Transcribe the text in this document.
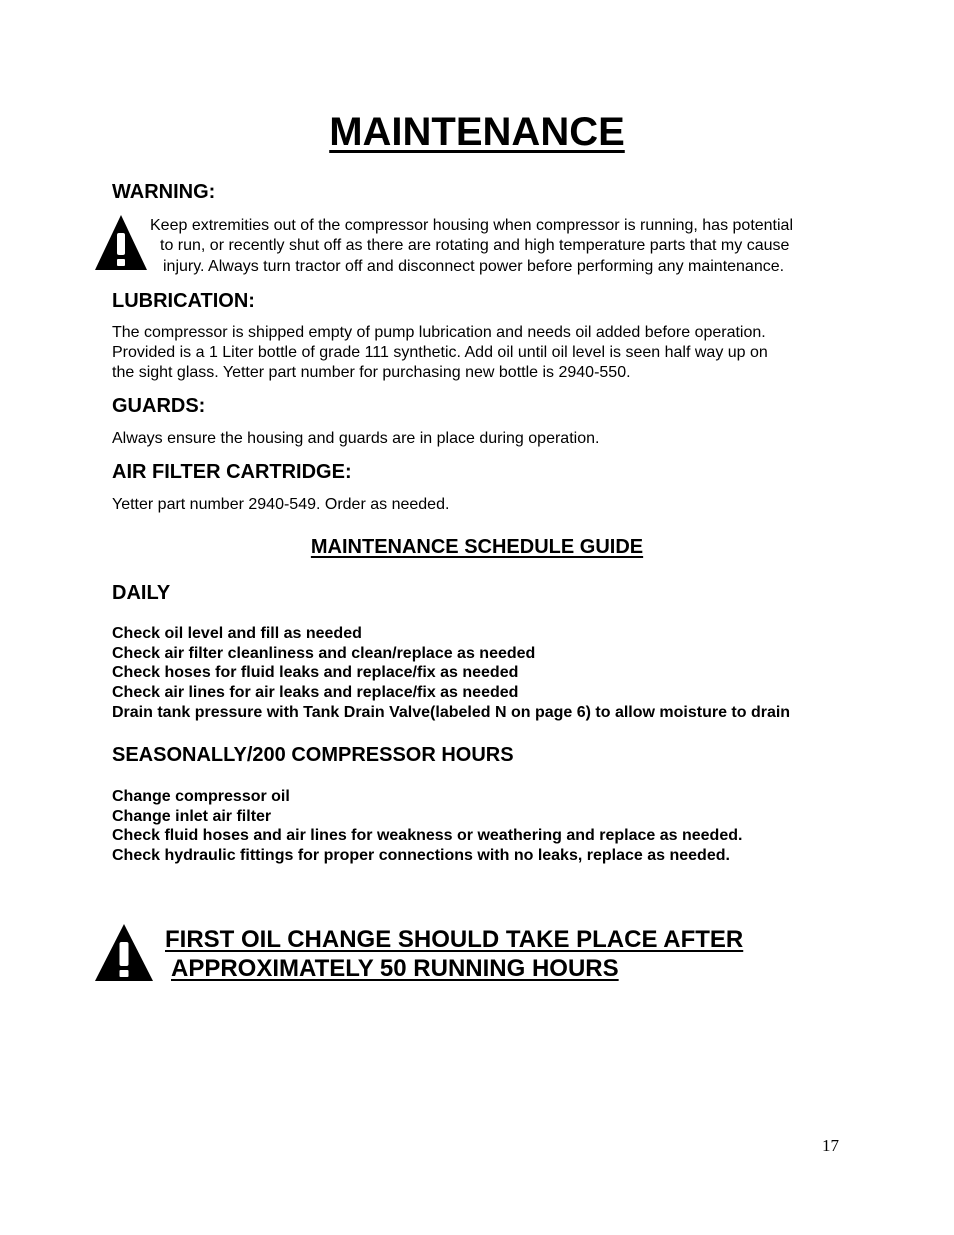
MAINTENANCE
WARNING:
Keep extremities out of the compressor housing when compressor is running, has potential
to run, or recently shut off as there are rotating and high temperature parts that my cause
injury. Always turn tractor off and disconnect power before performing any maintenance.
LUBRICATION:
The compressor is shipped empty of pump lubrication and needs oil added before operation.
Provided is a 1 Liter bottle of grade 111 synthetic. Add oil until oil level is seen half way up on
the sight glass. Yetter part number for purchasing new bottle is 2940-550.
GUARDS:
Always ensure the housing and guards are in place during operation.
AIR FILTER CARTRIDGE:
Yetter part number 2940-549. Order as needed.
MAINTENANCE SCHEDULE GUIDE
DAILY
Check oil level and fill as needed
Check air filter cleanliness and clean/replace as needed
Check hoses for fluid leaks and replace/fix as needed
Check air lines for air leaks and replace/fix as needed
Drain tank pressure with Tank Drain Valve(labeled N on page 6) to allow moisture to drain
SEASONALLY/200 COMPRESSOR HOURS
Change compressor oil
Change inlet air filter
Check fluid hoses and air lines for weakness or weathering and replace as needed.
Check hydraulic fittings for proper connections with no leaks, replace as needed.
FIRST OIL CHANGE SHOULD TAKE PLACE AFTER
APPROXIMATELY 50 RUNNING HOURS
17
